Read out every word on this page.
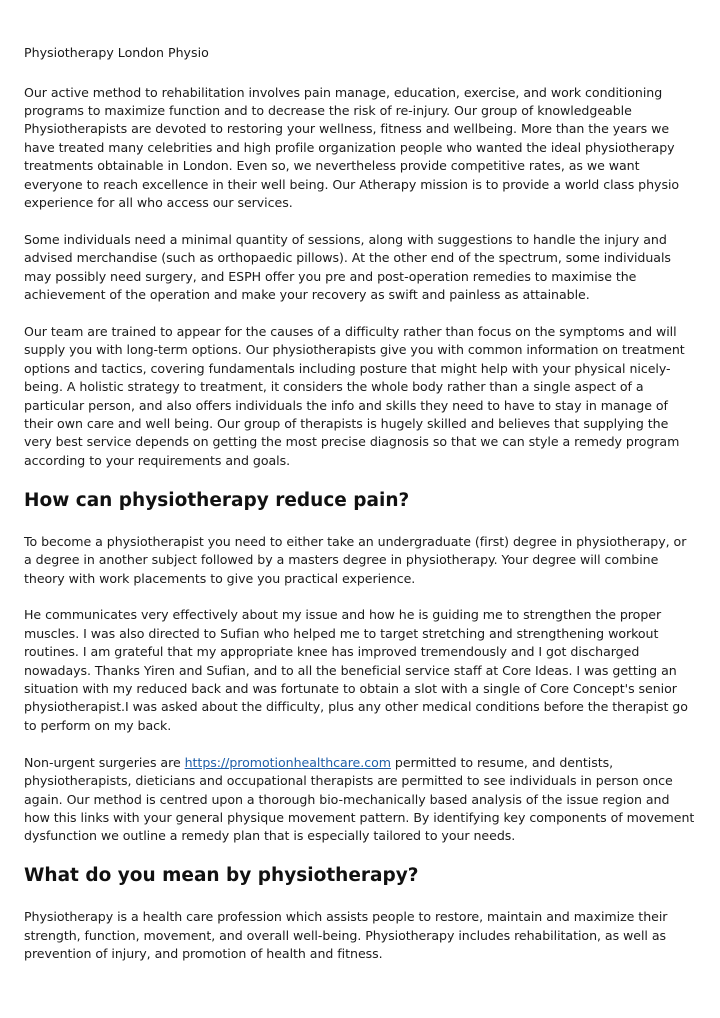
Physiotherapy London Physio

Our active method to rehabilitation involves pain manage, education, exercise, and work conditioning programs to maximize function and to decrease the risk of re-injury. Our group of knowledgeable Physiotherapists are devoted to restoring your wellness, fitness and wellbeing. More than the years we have treated many celebrities and high profile organization people who wanted the ideal physiotherapy treatments obtainable in London. Even so, we nevertheless provide competitive rates, as we want everyone to reach excellence in their well being. Our Atherapy mission is to provide a world class physio experience for all who access our services.

Some individuals need a minimal quantity of sessions, along with suggestions to handle the injury and advised merchandise (such as orthopaedic pillows). At the other end of the spectrum, some individuals may possibly need surgery, and ESPH offer you pre and post-operation remedies to maximise the achievement of the operation and make your recovery as swift and painless as attainable.

Our team are trained to appear for the causes of a difficulty rather than focus on the symptoms and will supply you with long-term options. Our physiotherapists give you with common information on treatment options and tactics, covering fundamentals including posture that might help with your physical nicely-being. A holistic strategy to treatment, it considers the whole body rather than a single aspect of a particular person, and also offers individuals the info and skills they need to have to stay in manage of their own care and well being. Our group of therapists is hugely skilled and believes that supplying the very best service depends on getting the most precise diagnosis so that we can style a remedy program according to your requirements and goals.

How can physiotherapy reduce pain?

To become a physiotherapist you need to either take an undergraduate (first) degree in physiotherapy, or a degree in another subject followed by a masters degree in physiotherapy. Your degree will combine theory with work placements to give you practical experience.

He communicates very effectively about my issue and how he is guiding me to strengthen the proper muscles. I was also directed to Sufian who helped me to target stretching and strengthening workout routines. I am grateful that my appropriate knee has improved tremendously and I got discharged nowadays. Thanks Yiren and Sufian, and to all the beneficial service staff at Core Ideas. I was getting an situation with my reduced back and was fortunate to obtain a slot with a single of Core Concept's senior physiotherapist.I was asked about the difficulty, plus any other medical conditions before the therapist go to perform on my back.

Non-urgent surgeries are https://promotionhealthcare.com permitted to resume, and dentists, physiotherapists, dieticians and occupational therapists are permitted to see individuals in person once again. Our method is centred upon a thorough bio-mechanically based analysis of the issue region and how this links with your general physique movement pattern. By identifying key components of movement dysfunction we outline a remedy plan that is especially tailored to your needs.

What do you mean by physiotherapy?

Physiotherapy is a health care profession which assists people to restore, maintain and maximize their strength, function, movement, and overall well-being. Physiotherapy includes rehabilitation, as well as prevention of injury, and promotion of health and fitness.
